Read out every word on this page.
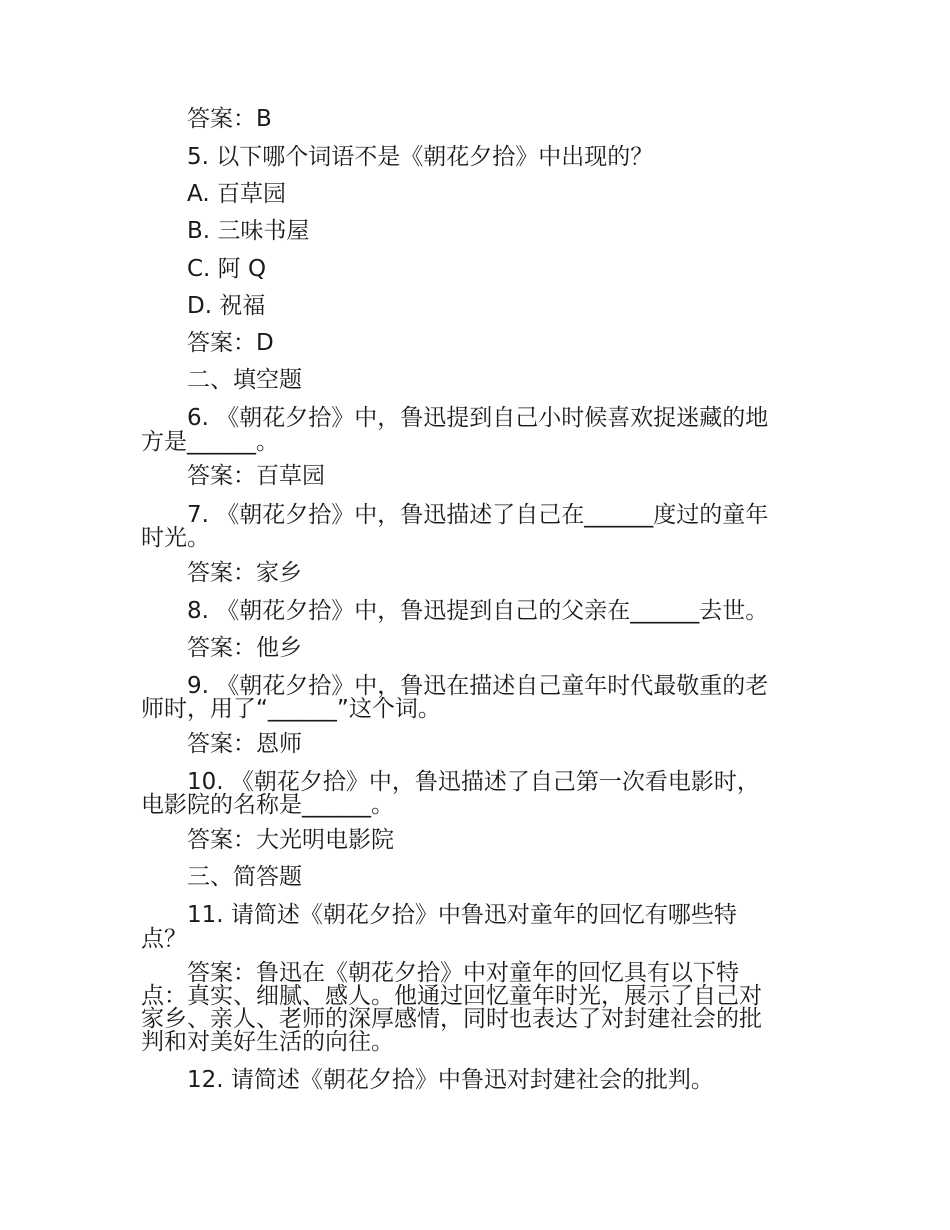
答案：B
5. 以下哪个词语不是《朝花夕拾》中出现的？
A. 百草园
B. 三味书屋
C. 阿 Q
D. 祝福
答案：D
二、填空题
6. 《朝花夕拾》中，鲁迅提到自己小时候喜欢捉迷藏的地
方是______。
答案：百草园
7. 《朝花夕拾》中，鲁迅描述了自己在______度过的童年
时光。
答案：家乡
8. 《朝花夕拾》中，鲁迅提到自己的父亲在______去世。
答案：他乡
9. 《朝花夕拾》中，鲁迅在描述自己童年时代最敬重的老
师时，用了“______”这个词。
答案：恩师
10. 《朝花夕拾》中，鲁迅描述了自己第一次看电影时，
电影院的名称是______。
答案：大光明电影院
三、简答题
11. 请简述《朝花夕拾》中鲁迅对童年的回忆有哪些特
点？
答案：鲁迅在《朝花夕拾》中对童年的回忆具有以下特
点：真实、细腻、感人。他通过回忆童年时光，展示了自己对
家乡、亲人、老师的深厚感情，同时也表达了对封建社会的批
判和对美好生活的向往。
12. 请简述《朝花夕拾》中鲁迅对封建社会的批判。
